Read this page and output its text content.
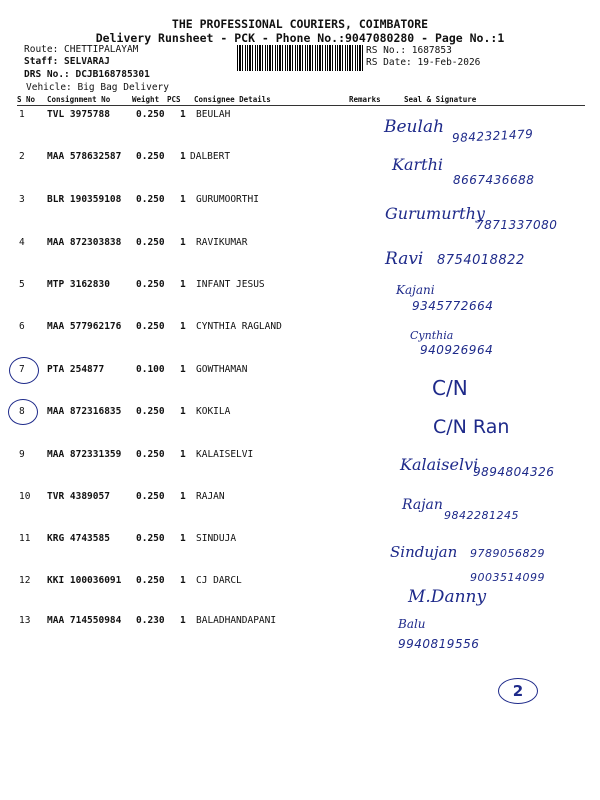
THE PROFESSIONAL COURIERS, COIMBATORE
Delivery Runsheet - PCK - Phone No.:9047080280 - Page No.:1
Route: CHETTIPALAYAM
Staff: SELVARAJ
DRS No.: DCJB168785301
Vehicle: Big Bag Delivery
RS No.: 1687853
RS Date: 19-Feb-2026
S No Consignment No	Weight PCS Consignee Details	Remarks	Seal & Signature
1 TVL 3975788	0.250 1 BEULAH
Beulah 9842321479
2 MAA 578632587 0.250 1 DALBERT	Karthi
8667436688
3 BLR 190359108 0.250 1 GURUMOORTHI
Gurumurthy
7871337080
4 MAA 872303838 0.250 1 RAVIKUMAR
Ravi 8754018822
5 MTP 3162830	0.250 1 INFANT JESUS	Kajani
9345772664
6 MAA 577962176 0.250 1 CYNTHIA RAGLAND
Cynthia
940926964
7 PTA 254877	0.100 1 GOWTHAMAN
C/N
8 MAA 872316835 0.250 1 KOKILA
C/N Ran
9 MAA 872331359 0.250 1 KALAISELVI
Kalaiselvi
9894804326
10 TVR 4389057	0.250 1 RAJAN
Rajan
9842281245
11 KRG 4743585	0.250 1 SINDUJA
Sindujan 9789056829
12 KKI 100036091 0.250 1 CJ DARCL
M.Danny
9003514099
13 MAA 714550984 0.230 1 BALADHANDAPANI	Balu
9940819556
2
